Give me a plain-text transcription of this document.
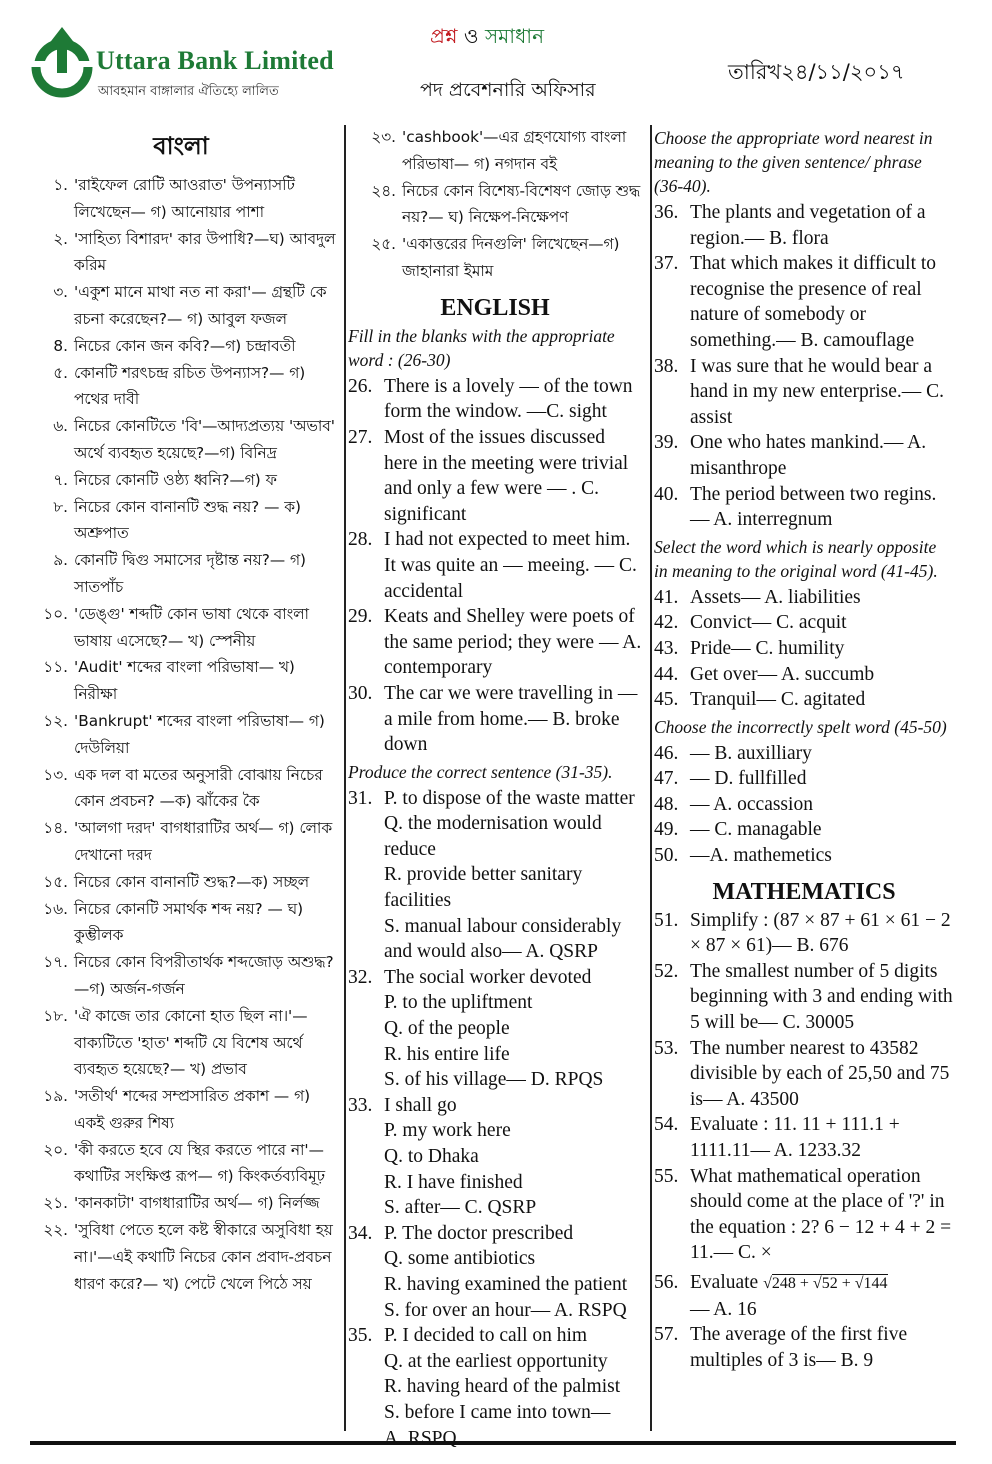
Uttara Bank Limited
আবহমান বাঙ্গালার ঐতিহ্যে লালিত
প্রশ্ন ও সমাধান
পদ প্রবেশনারি অফিসার
তারিখ২৪/১১/২০১৭
বাংলা
১. 'রাইফেল রোটি আওরাত' উপন্যাসটি লিখেছেন— গ) আনোয়ার পাশা
২. 'সাহিত্য বিশারদ' কার উপাধি?—ঘ) আবদুল করিম
৩. 'একুশ মানে মাথা নত না করা'— গ্রন্থটি কে রচনা করেছেন?— গ) আবুল ফজল
8. নিচের কোন জন কবি?—গ) চন্দ্রাবতী
৫. কোনটি শরৎচন্দ্র রচিত উপন্যাস?— গ) পথের দাবী
৬. নিচের কোনটিতে 'বি'—আদ্যপ্রত্যয় 'অভাব' অর্থে ব্যবহৃত হয়েছে?—গ) বিনিদ্র
৭. নিচের কোনটি ওষ্ঠ্য ধ্বনি?—গ) ফ
৮. নিচের কোন বানানটি শুদ্ধ নয়? — ক) অশ্রুপাত
৯. কোনটি দ্বিগু সমাসের দৃষ্টান্ত নয়?— গ) সাতপাঁচ
১০. 'ডেঙ্গু' শব্দটি কোন ভাষা থেকে বাংলা ভাষায় এসেছে?— খ) স্পেনীয়
১১. 'Audit' শব্দের বাংলা পরিভাষা— খ) নিরীক্ষা
১২. 'Bankrupt' শব্দের বাংলা পরিভাষা— গ) দেউলিয়া
১৩. এক দল বা মতের অনুসারী বোঝায় নিচের কোন প্রবচন? —ক) ঝাঁকের কৈ
১৪. 'আলগা দরদ' বাগধারাটির অর্থ— গ) লোক দেখানো দরদ
১৫. নিচের কোন বানানটি শুদ্ধ?—ক) সচ্ছল
১৬. নিচের কোনটি সমার্থক শব্দ নয়? — ঘ) কুম্ভীলক
১৭. নিচের কোন বিপরীতার্থক শব্দজোড় অশুদ্ধ?—গ) অর্জন-গর্জন
১৮. 'ঐ কাজে তার কোনো হাত ছিল না।'— বাক্যটিতে 'হাত' শব্দটি যে বিশেষ অর্থে ব্যবহৃত হয়েছে?— খ) প্রভাব
১৯. 'সতীর্থ' শব্দের সম্প্রসারিত প্রকাশ — গ) একই গুরুর শিষ্য
২০. 'কী করতে হবে যে স্থির করতে পারে না'—কথাটির সংক্ষিপ্ত রূপ— গ) কিংকর্তব্যবিমূঢ়
২১. 'কানকাটা' বাগধারাটির অর্থ— গ) নির্লজ্জ
২২. 'সুবিধা পেতে হলে কষ্ট স্বীকারে অসুবিধা হয় না।'—এই কথাটি নিচের কোন প্রবাদ-প্রবচন ধারণ করে?— খ) পেটে খেলে পিঠে সয়
২৩. 'cashbook'—এর গ্রহণযোগ্য বাংলা পরিভাষা— গ) নগদান বই
২৪. নিচের কোন বিশেষ্য-বিশেষণ জোড় শুদ্ধ নয়?— ঘ) নিক্ষেপ-নিক্ষেপণ
২৫. 'একাত্তরের দিনগুলি' লিখেছেন—গ) জাহানারা ইমাম
ENGLISH
Fill in the blanks with the appropriate word : (26-30)
26. There is a lovely — of the town form the window. —C. sight
27. Most of the issues discussed here in the meeting were trivial and only a few were — . C. significant
28. I had not expected to meet him. It was quite an — meeing. — C. accidental
29. Keats and Shelley were poets of the same period; they were — A. contemporary
30. The car we were travelling in — a mile from home.— B. broke down
Produce the correct sentence (31-35).
31. P. to dispose of the waste matter
Q. the modernisation would reduce
R. provide better sanitary facilities
S. manual labour considerably
and would also— A. QSRP
32. The social worker devoted
P. to the upliftment
Q. of the people
R. his entire life
S. of his village— D. RPQS
33. I shall go
P. my work here
Q. to Dhaka
R. I have finished
S. after— C. QSRP
34. P. The doctor prescribed
Q. some antibiotics
R. having examined the patient
S. for over an hour— A. RSPQ
35. P. I decided to call on him
Q. at the earliest opportunity
R. having heard of the palmist
S. before I came into town—
A. RSPQ
Choose the appropriate word nearest in meaning to the given sentence/ phrase (36-40).
36. The plants and vegetation of a region.— B. flora
37. That which makes it difficult to recognise the presence of real nature of somebody or something.— B. camouflage
38. I was sure that he would bear a hand in my new enterprise.— C. assist
39. One who hates mankind.— A. misanthrope
40. The period between two regins.— A. interregnum
Select the word which is nearly opposite in meaning to the original word (41-45).
41. Assets— A. liabilities
42. Convict— C. acquit
43. Pride— C. humility
44. Get over— A. succumb
45. Tranquil— C. agitated
Choose the incorrectly spelt word (45-50)
46. — B. auxilliary
47. — D. fullfilled
48. — A. occassion
49. — C. managable
50. —A. mathemetics
MATHEMATICS
51. Simplify : (87 × 87 + 61 × 61 − 2 × 87 × 61)— B. 676
52. The smallest number of 5 digits beginning with 3 and ending with 5 will be— C. 30005
53. The number nearest to 43582 divisible by each of 25,50 and 75 is— A. 43500
54. Evaluate : 11. 11 + 111.1 + 1111.11— A. 1233.32
55. What mathematical operation should come at the place of '?' in the equation : 2? 6 − 12 + 4 + 2 = 11.— C. ×
56. Evaluate √248 + √52 + √144
— A. 16
57. The average of the first five multiples of 3 is— B. 9
